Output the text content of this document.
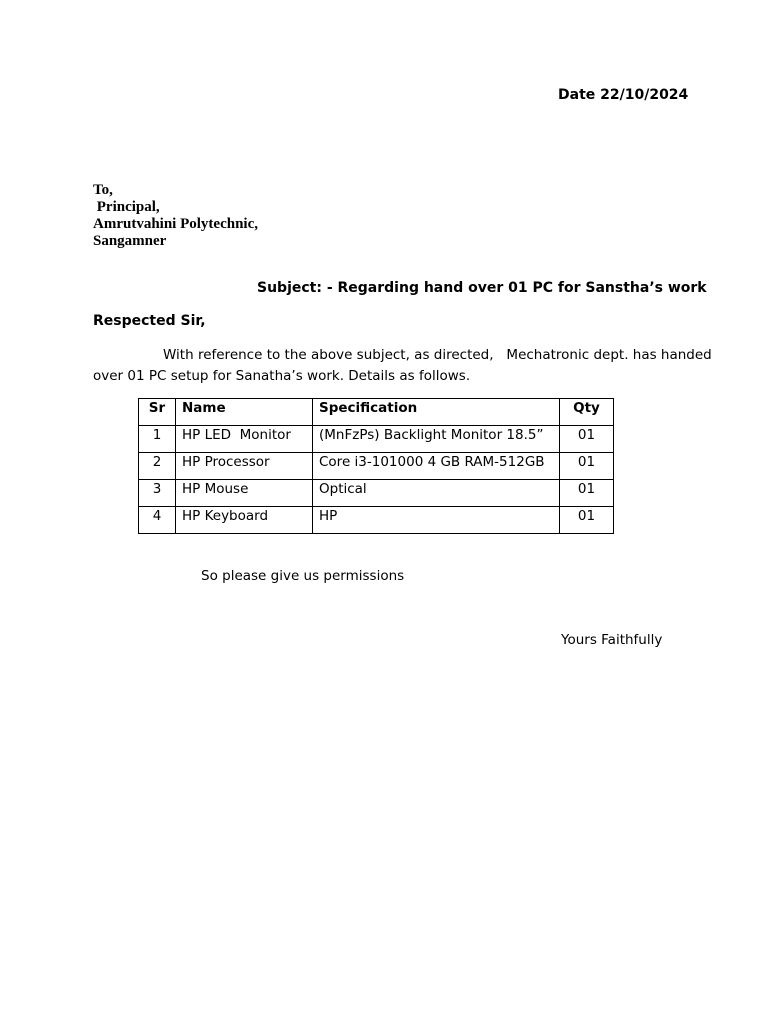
Date 22/10/2024
To,
Principal,
Amrutvahini Polytechnic,
Sangamner
Subject: - Regarding hand over 01 PC for Sanstha’s work
Respected Sir,
With reference to the above subject, as directed,   Mechatronic dept. has handed
over 01 PC setup for Sanatha’s work. Details as follows.
Sr	Name	Specification	Qty
1	HP LED  Monitor	(MnFzPs) Backlight Monitor 18.5”	01
2	HP Processor	Core i3-101000 4 GB RAM-512GB	01
3	HP Mouse	Optical	01
4	HP Keyboard	HP	01
So please give us permissions
Yours Faithfully
